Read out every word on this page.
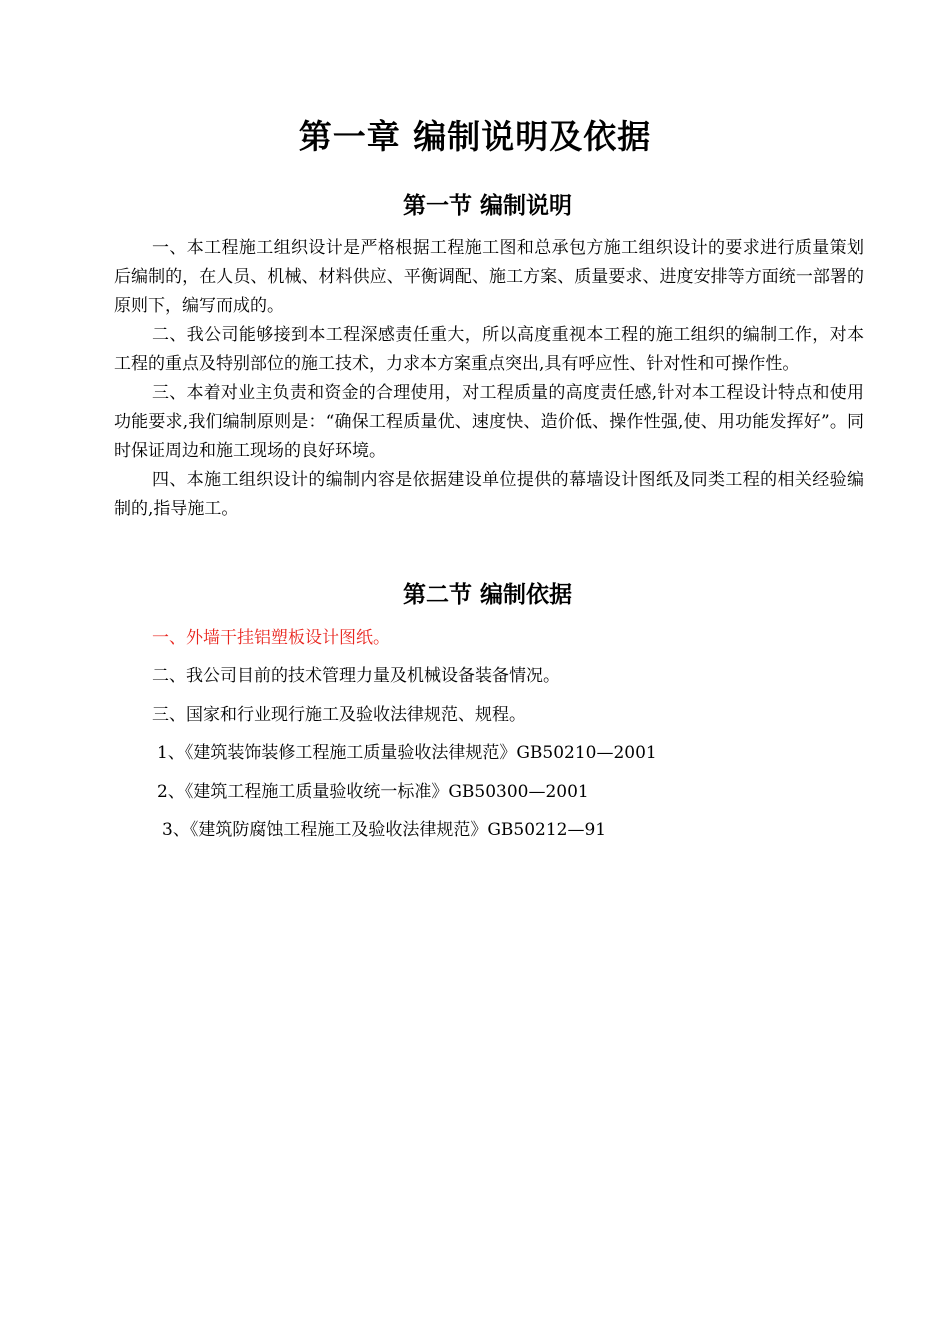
第一章 编制说明及依据
第一节 编制说明

一、本工程施工组织设计是严格根据工程施工图和总承包方施工组织设计的要求进行质量策划后编制的，在人员、机械、材料供应、平衡调配、施工方案、质量要求、进度安排等方面统一部署的原则下，编写而成的。

二、我公司能够接到本工程深感责任重大，所以高度重视本工程的施工组织的编制工作，对本工程的重点及特别部位的施工技术，力求本方案重点突出,具有呼应性、针对性和可操作性。

三、本着对业主负责和资金的合理使用，对工程质量的高度责任感,针对本工程设计特点和使用功能要求,我们编制原则是：“确保工程质量优、速度快、造价低、操作性强,使、用功能发挥好”。同时保证周边和施工现场的良好环境。

四、本施工组织设计的编制内容是依据建设单位提供的幕墙设计图纸及同类工程的相关经验编制的,指导施工。

第二节 编制依据
一、外墙干挂铝塑板设计图纸。
二、我公司目前的技术管理力量及机械设备装备情况。
三、国家和行业现行施工及验收法律规范、规程。
1、《建筑装饰装修工程施工质量验收法律规范》GB50210—2001
2、《建筑工程施工质量验收统一标准》GB50300—2001
3、《建筑防腐蚀工程施工及验收法律规范》GB50212—91
